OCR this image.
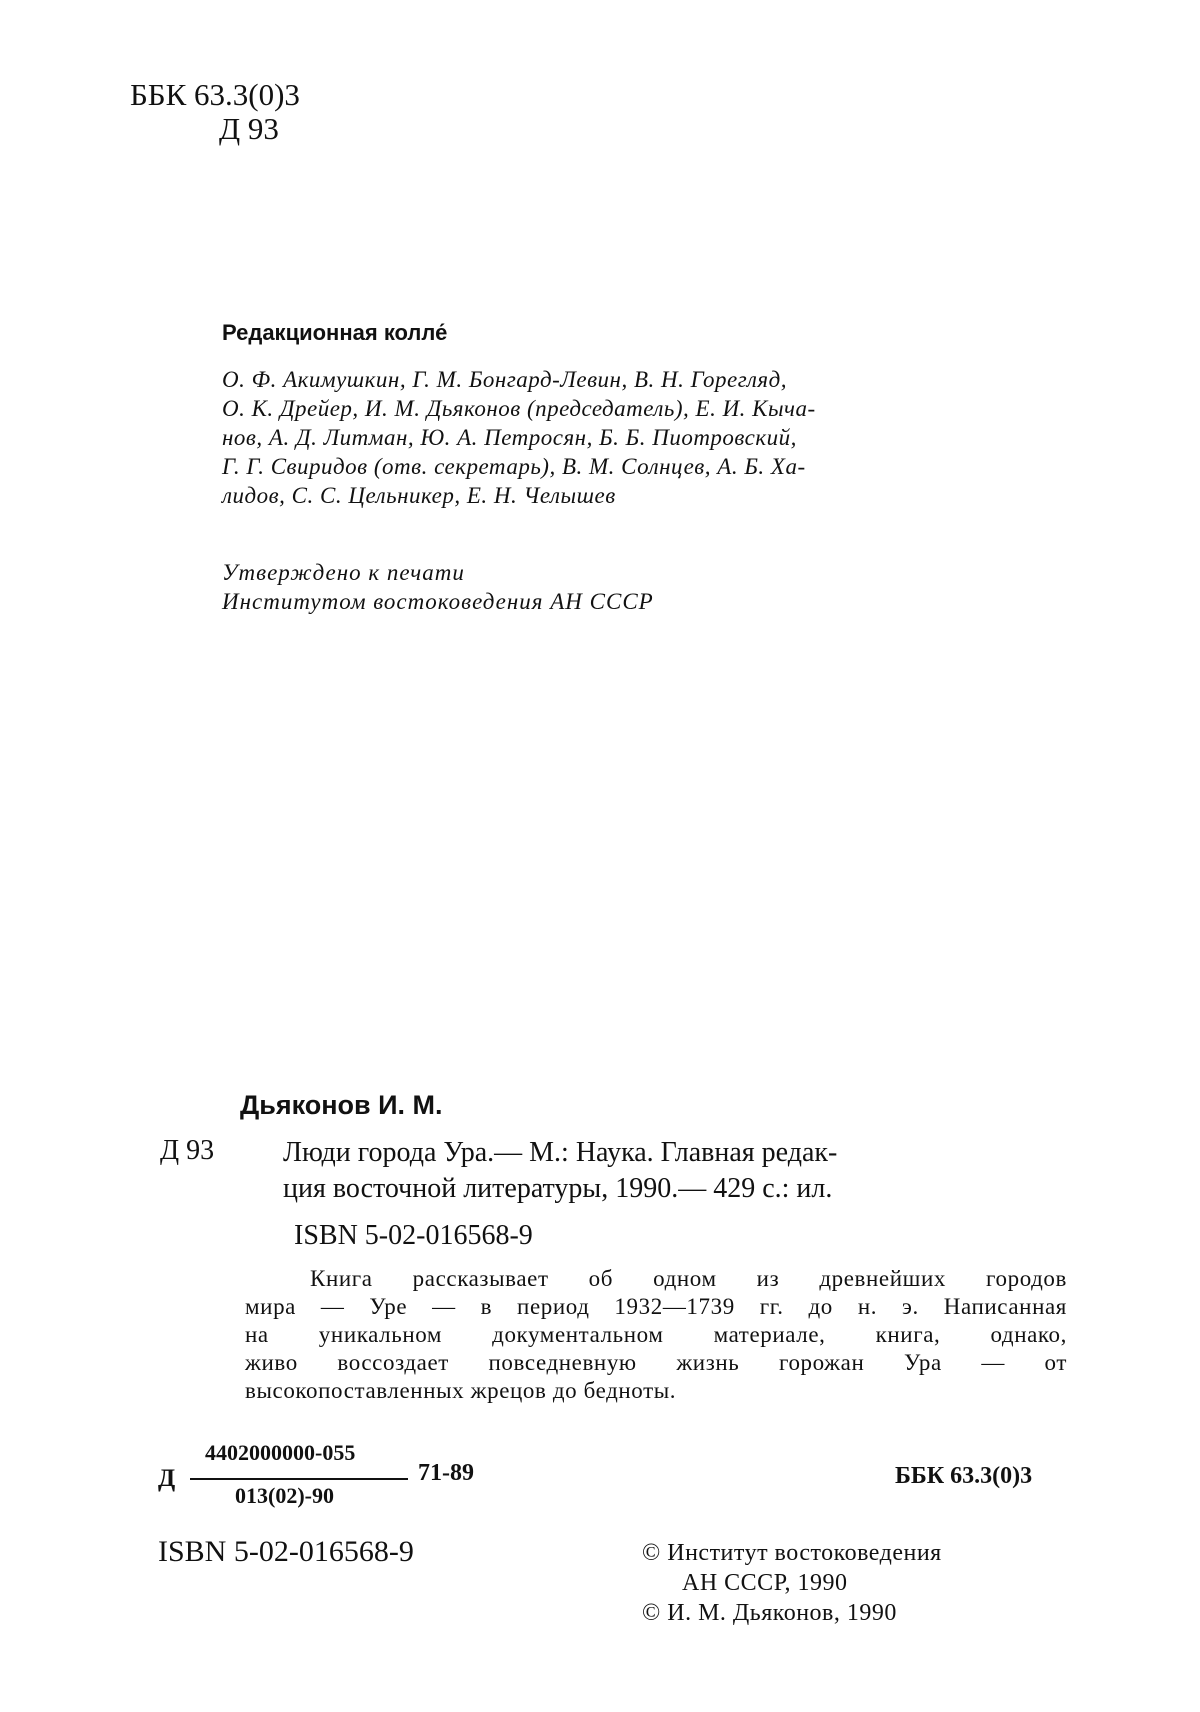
ББК 63.3(0)3
Д 93
Редакционная колле́
О. Ф. Акимушкин, Г. М. Бонгард-Левин, В. Н. Горегляд,
О. К. Дрейер, И. М. Дьяконов (председатель), Е. И. Кыча-
нов, А. Д. Литман, Ю. А. Петросян, Б. Б. Пиотровский,
Г. Г. Свиридов (отв. секретарь), В. М. Солнцев, А. Б. Ха-
лидов, С. С. Цельникер, Е. Н. Челышев
Утверждено к печати
Институтом востоковедения АН СССР
Дьяконов И. М.
Д 93 Люди города Ура.— М.: Наука. Главная редак-
ция восточной литературы, 1990.— 429 с.: ил.
ISBN 5-02-016568-9
Книга рассказывает об одном из древнейших городов
мира — Уре — в период 1932—1739 гг. до н. э. Написанная
на уникальном документальном материале, книга, однако,
живо воссоздает повседневную жизнь горожан Ура — от
высокопоставленных жрецов до бедноты.
Д
4402000000-055
013(02)-90
71-89	ББК 63.3(0)3
ISBN 5-02-016568-9	© Институт востоковедения
АН СССР, 1990
© И. М. Дьяконов, 1990
